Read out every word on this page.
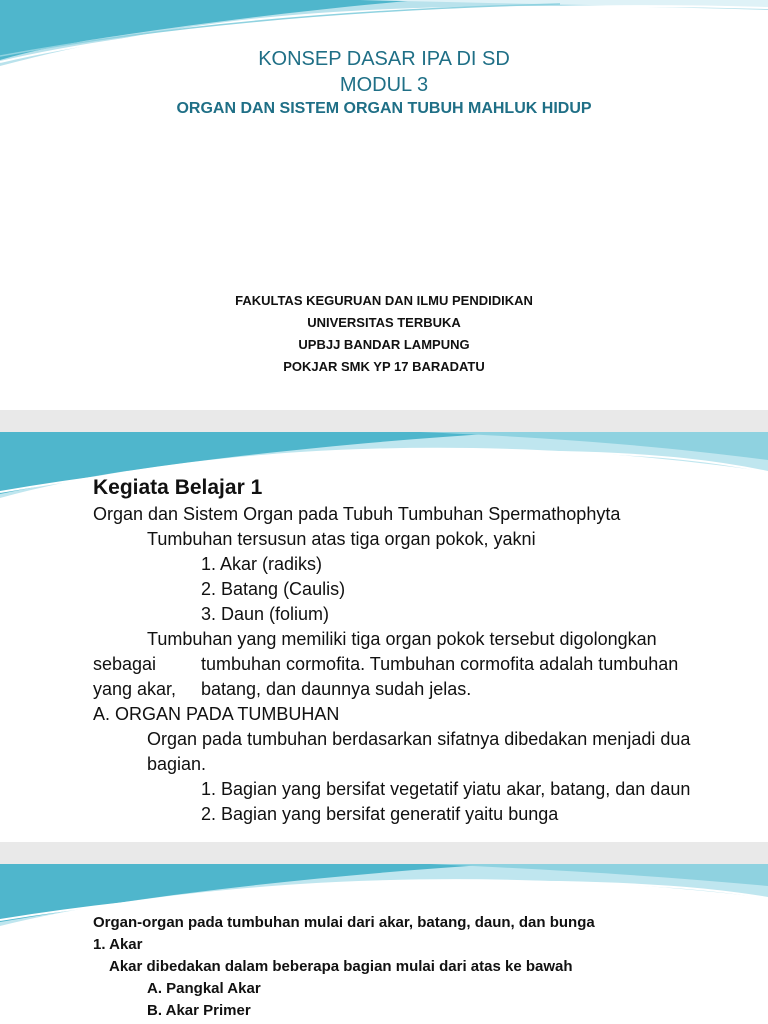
KONSEP DASAR IPA DI SD
MODUL 3
ORGAN DAN SISTEM ORGAN TUBUH MAHLUK HIDUP
FAKULTAS KEGURUAN DAN ILMU PENDIDIKAN
UNIVERSITAS TERBUKA
UPBJJ BANDAR LAMPUNG
POKJAR SMK YP 17 BARADATU
Kegiata Belajar 1
Organ dan Sistem Organ pada Tubuh Tumbuhan Spermathophyta
Tumbuhan tersusun atas tiga organ pokok, yakni
1. Akar (radiks)
2. Batang (Caulis)
3. Daun (folium)
Tumbuhan yang memiliki tiga organ pokok tersebut digolongkan
sebagai tumbuhan cormofita. Tumbuhan cormofita adalah tumbuhan
yang akar, batang, dan daunnya sudah jelas.
A. ORGAN PADA TUMBUHAN
Organ pada tumbuhan berdasarkan sifatnya dibedakan menjadi dua
bagian.
1. Bagian yang bersifat vegetatif yiatu akar, batang, dan daun
2. Bagian yang bersifat generatif yaitu bunga
Organ-organ pada tumbuhan mulai dari akar, batang, daun, dan bunga
1. Akar
Akar dibedakan dalam beberapa bagian mulai dari atas ke bawah
A. Pangkal Akar
B. Akar Primer
